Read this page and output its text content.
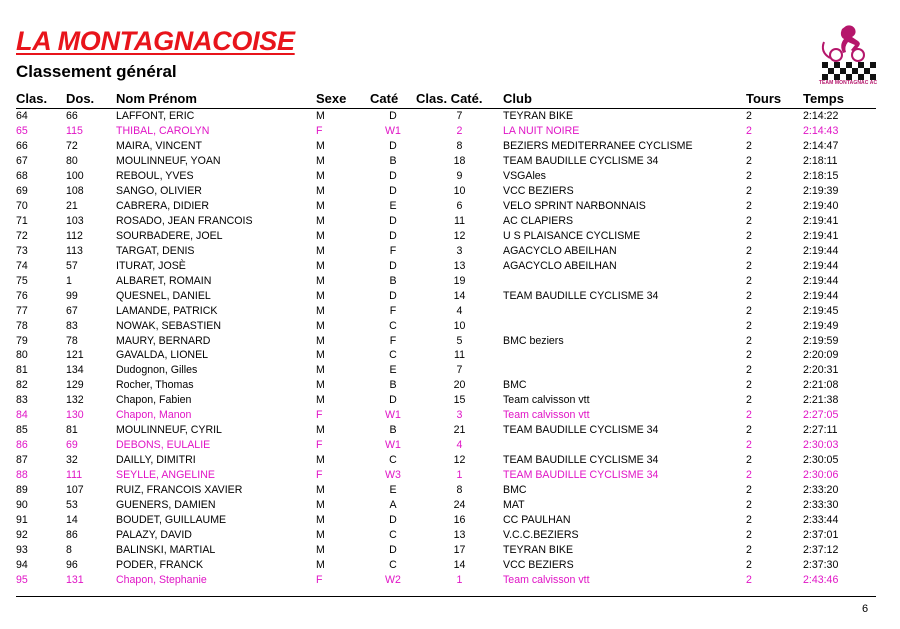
LA MONTAGNACOISE
Classement général
TEAM MONTAGNAC AC
Clas.	Dos.	Nom Prénom	Sexe	Caté	Clas. Caté.	Club	Tours	Temps
64	66	LAFFONT, ERIC	M	D	7	TEYRAN BIKE	2	2:14:22
65	115	THIBAL, CAROLYN	F	W1	2	LA NUIT NOIRE	2	2:14:43
66	72	MAIRA, VINCENT	M	D	8	BEZIERS MEDITERRANEE CYCLISME	2	2:14:47
67	80	MOULINNEUF, YOAN	M	B	18	TEAM BAUDILLE CYCLISME 34	2	2:18:11
68	100	REBOUL, YVES	M	D	9	VSGAles	2	2:18:15
69	108	SANGO, OLIVIER	M	D	10	VCC BEZIERS	2	2:19:39
70	21	CABRERA, DIDIER	M	E	6	VELO SPRINT NARBONNAIS	2	2:19:40
71	103	ROSADO, JEAN FRANCOIS	M	D	11	AC CLAPIERS	2	2:19:41
72	112	SOURBADERE, JOEL	M	D	12	U S PLAISANCE CYCLISME	2	2:19:41
73	113	TARGAT, DENIS	M	F	3	AGACYCLO ABEILHAN	2	2:19:44
74	57	ITURAT, JOSÈ	M	D	13	AGACYCLO ABEILHAN	2	2:19:44
75	1	ALBARET, ROMAIN	M	B	19		2	2:19:44
76	99	QUESNEL, DANIEL	M	D	14	TEAM BAUDILLE CYCLISME 34	2	2:19:44
77	67	LAMANDE, PATRICK	M	F	4		2	2:19:45
78	83	NOWAK, SEBASTIEN	M	C	10		2	2:19:49
79	78	MAURY, BERNARD	M	F	5	BMC beziers	2	2:19:59
80	121	GAVALDA, LIONEL	M	C	11		2	2:20:09
81	134	Dudognon, Gilles	M	E	7		2	2:20:31
82	129	Rocher, Thomas	M	B	20	BMC	2	2:21:08
83	132	Chapon, Fabien	M	D	15	Team calvisson vtt	2	2:21:38
84	130	Chapon, Manon	F	W1	3	Team calvisson vtt	2	2:27:05
85	81	MOULINNEUF, CYRIL	M	B	21	TEAM BAUDILLE CYCLISME 34	2	2:27:11
86	69	DEBONS, EULALIE	F	W1	4		2	2:30:03
87	32	DAILLY, DIMITRI	M	C	12	TEAM BAUDILLE CYCLISME 34	2	2:30:05
88	111	SEYLLE, ANGELINE	F	W3	1	TEAM BAUDILLE CYCLISME 34	2	2:30:06
89	107	RUIZ, FRANCOIS XAVIER	M	E	8	BMC	2	2:33:20
90	53	GUENERS, DAMIEN	M	A	24	MAT	2	2:33:30
91	14	BOUDET, GUILLAUME	M	D	16	CC PAULHAN	2	2:33:44
92	86	PALAZY, DAVID	M	C	13	V.C.C.BEZIERS	2	2:37:01
93	8	BALINSKI, MARTIAL	M	D	17	TEYRAN BIKE	2	2:37:12
94	96	PODER, FRANCK	M	C	14	VCC BEZIERS	2	2:37:30
95	131	Chapon, Stephanie	F	W2	1	Team calvisson vtt	2	2:43:46
6
